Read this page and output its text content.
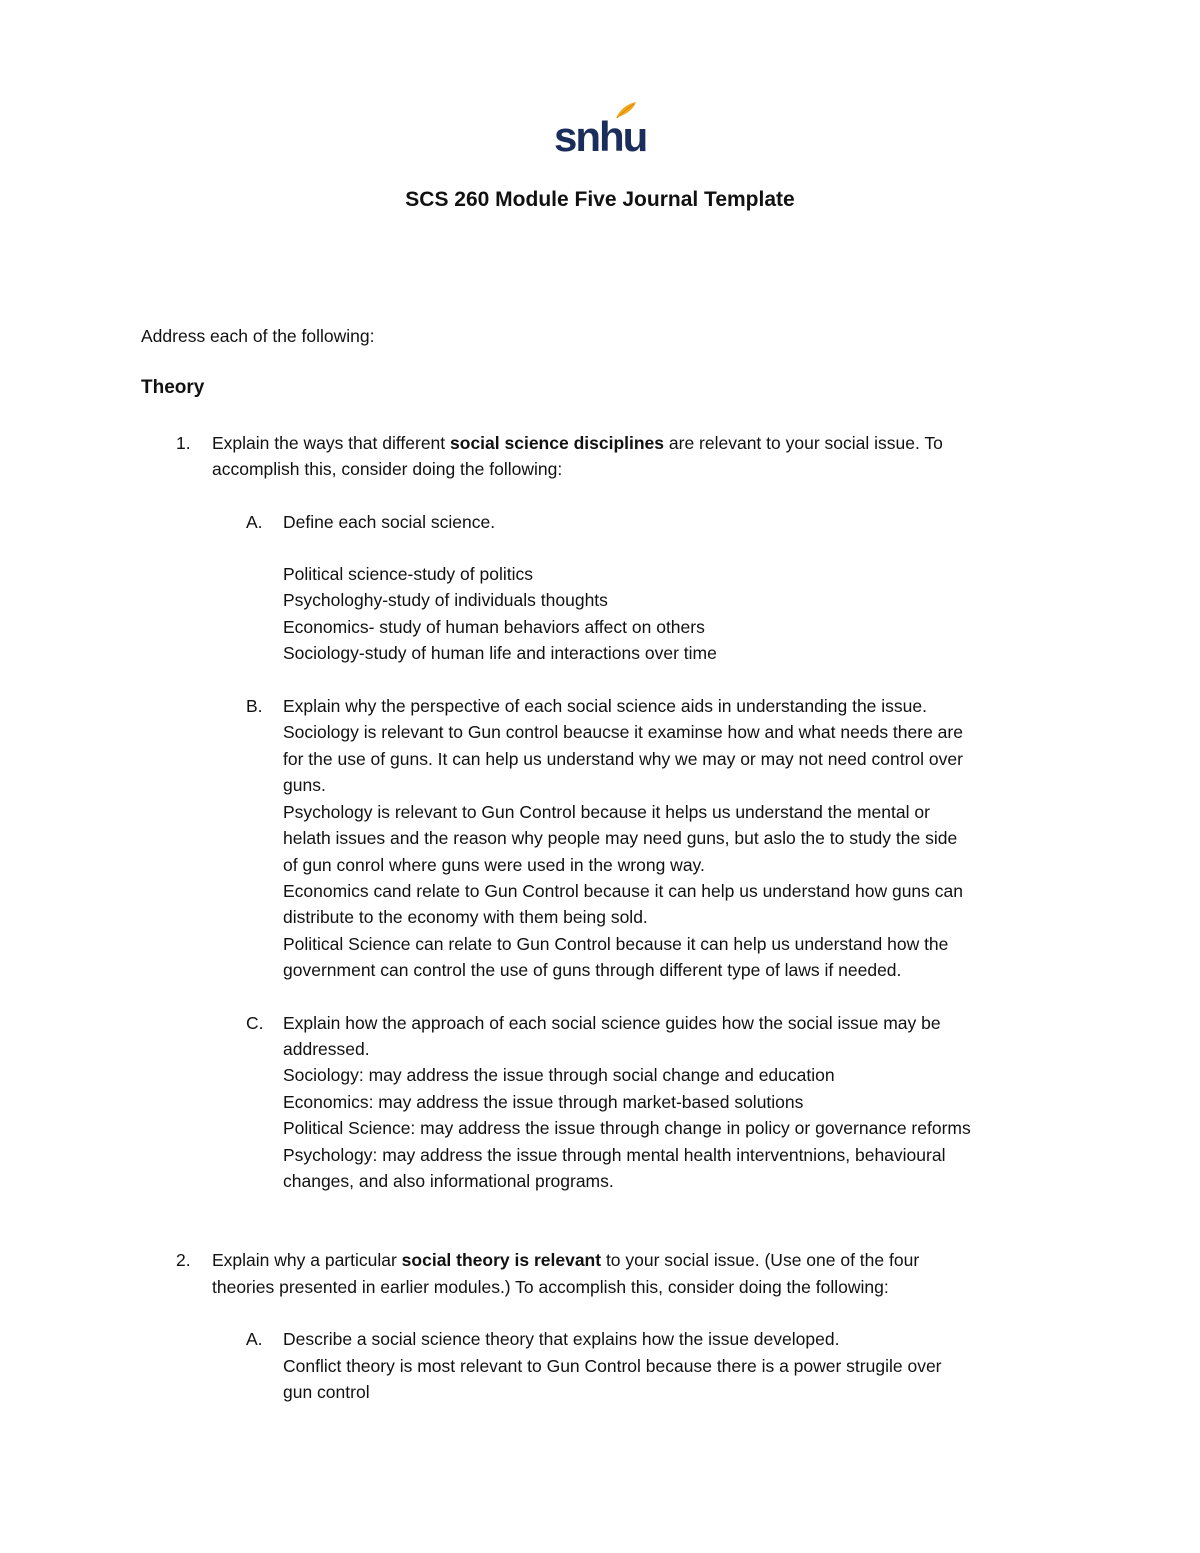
snhu
SCS 260 Module Five Journal Template
Address each of the following:
Theory
1. Explain the ways that different social science disciplines are relevant to your social issue. To
accomplish this, consider doing the following:
A. Define each social science.
Political science-study of politics
Psychologhy-study of individuals thoughts
Economics- study of human behaviors affect on others
Sociology-study of human life and interactions over time
B. Explain why the perspective of each social science aids in understanding the issue.
Sociology is relevant to Gun control beaucse it examinse how and what needs there are
for the use of guns. It can help us understand why we may or may not need control over
guns.
Psychology is relevant to Gun Control because it helps us understand the mental or
helath issues and the reason why people may need guns, but aslo the to study the side
of gun conrol where guns were used in the wrong way.
Economics cand relate to Gun Control because it can help us understand how guns can
distribute to the economy with them being sold.
Political Science can relate to Gun Control because it can help us understand how the
government can control the use of guns through different type of laws if needed.
C. Explain how the approach of each social science guides how the social issue may be
addressed.
Sociology: may address the issue through social change and education
Economics: may address the issue through market-based solutions
Political Science: may address the issue through change in policy or governance reforms
Psychology: may address the issue through mental health interventnions, behavioural
changes, and also informational programs.
2. Explain why a particular social theory is relevant to your social issue. (Use one of the four
theories presented in earlier modules.) To accomplish this, consider doing the following:
A. Describe a social science theory that explains how the issue developed.
Conflict theory is most relevant to Gun Control because there is a power strugile over
gun control
